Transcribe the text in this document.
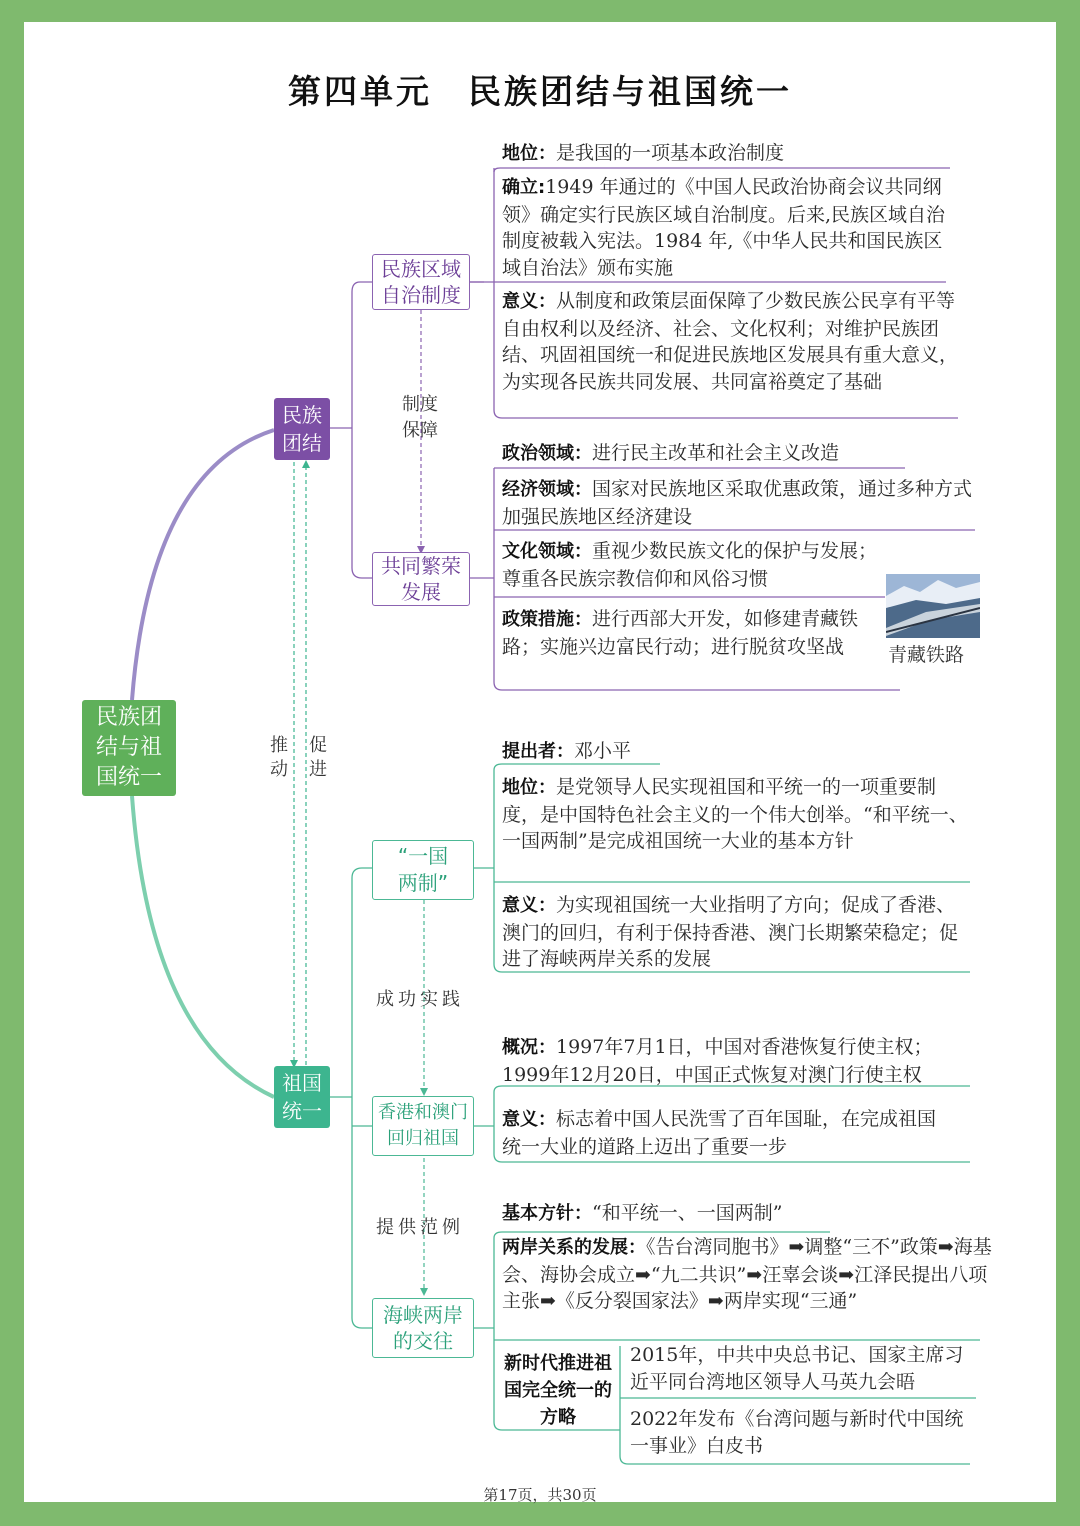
第四单元　民族团结与祖国统一
民族团结与祖国统一
民族团结
祖国统一
民族区域自治制度
共同繁荣发展
“一国两制”
香港和澳门回归祖国
海峡两岸的交往
推动
促进
制度保障
成功实践
提供范例
地位：是我国的一项基本政治制度
确立:1949 年通过的《中国人民政治协商会议共同纲领》确定实行民族区域自治制度。后来,民族区域自治制度被载入宪法。1984 年,《中华人民共和国民族区域自治法》颁布实施
意义：从制度和政策层面保障了少数民族公民享有平等自由权利以及经济、社会、文化权利；对维护民族团结、巩固祖国统一和促进民族地区发展具有重大意义，为实现各民族共同发展、共同富裕奠定了基础
政治领域：进行民主改革和社会主义改造
经济领域：国家对民族地区采取优惠政策，通过多种方式加强民族地区经济建设
文化领域：重视少数民族文化的保护与发展；尊重各民族宗教信仰和风俗习惯
政策措施：进行西部大开发，如修建青藏铁路；实施兴边富民行动；进行脱贫攻坚战	青藏铁路
提出者：邓小平
地位：是党领导人民实现祖国和平统一的一项重要制度，是中国特色社会主义的一个伟大创举。“和平统一、一国两制”是完成祖国统一大业的基本方针
意义：为实现祖国统一大业指明了方向；促成了香港、澳门的回归，有利于保持香港、澳门长期繁荣稳定；促进了海峡两岸关系的发展
概况：1997年7月1日，中国对香港恢复行使主权；1999年12月20日，中国正式恢复对澳门行使主权
意义：标志着中国人民洗雪了百年国耻，在完成祖国统一大业的道路上迈出了重要一步
基本方针：“和平统一、一国两制”
两岸关系的发展：《告台湾同胞书》➡调整“三不”政策➡海基会、海协会成立➡“九二共识”➡汪辜会谈➡江泽民提出八项主张➡《反分裂国家法》➡两岸实现“三通”
新时代推进祖国完全统一的方略
2015年，中共中央总书记、国家主席习近平同台湾地区领导人马英九会晤
2022年发布《台湾问题与新时代中国统一事业》白皮书
第17页，共30页
